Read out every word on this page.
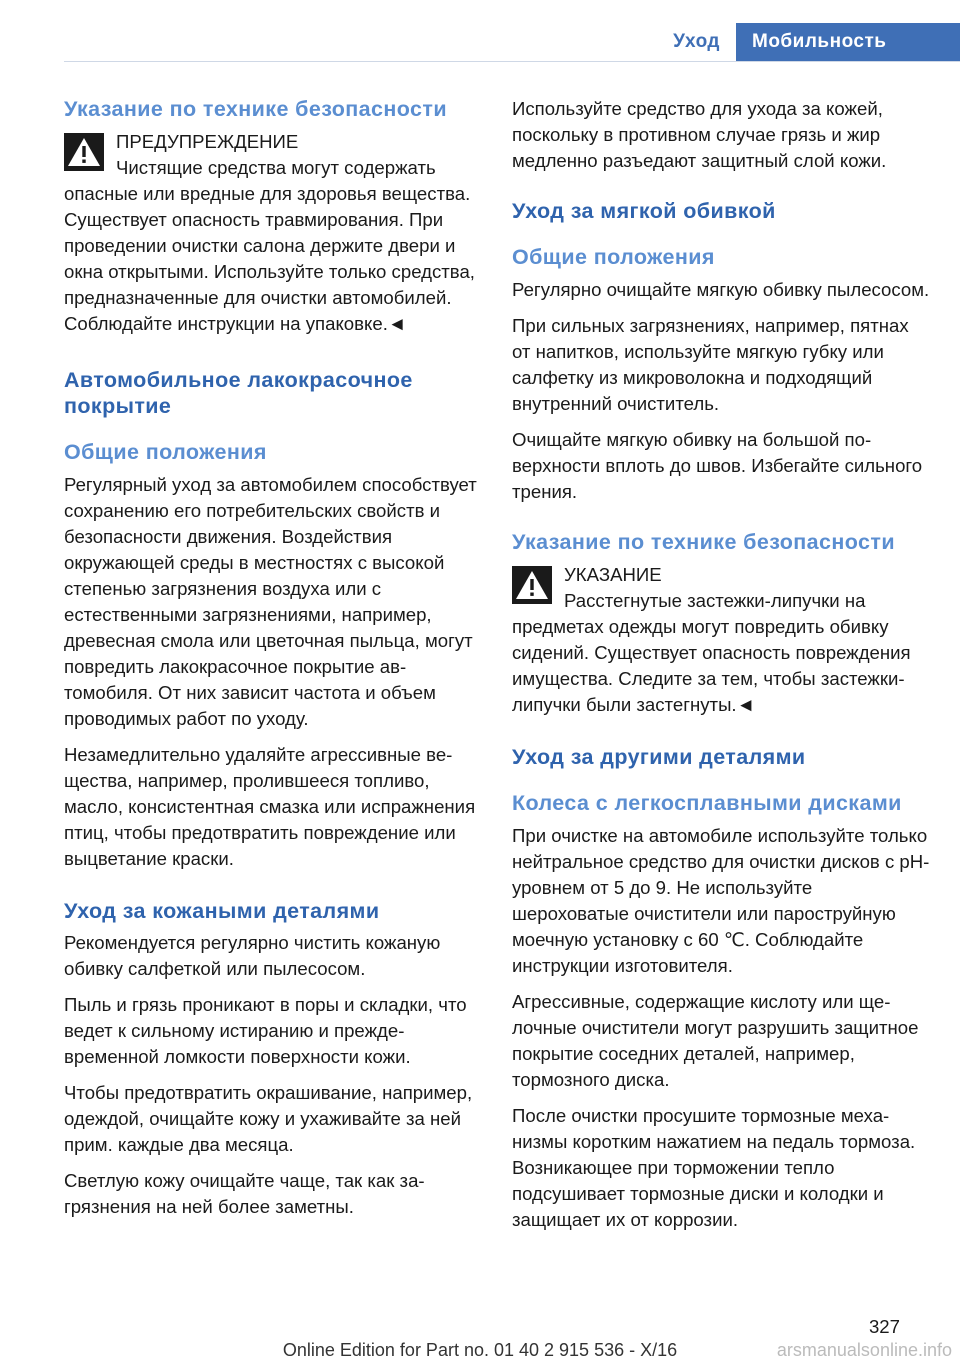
Уход	Мобильность
Указание по технике безопасности

ПРЕДУПРЕЖДЕНИЕ

Чистящие средства могут содержать опасные или вредные для здоровья вещества. Существует опасность травмирования. При проведении очистки салона держите двери и окна открытыми. Используйте только средства, предназначенные для очистки автомобилей. Соблюдайте инструкции на упаковке.◄

Автомобильное лакокрасочное покрытие
Общие положения

Регулярный уход за автомобилем способствует сохранению его потребительских свойств и безопасности движения. Воздействия окружающей среды в местностях с высокой степенью загрязнения воздуха или с естественными загрязнениями, например, древесная смола или цветочная пыльца, могут повредить лакокрасочное покрытие автомобиля. От них зависит частота и объем проводимых работ по уходу.

Незамедлительно удаляйте агрессивные вещества, например, пролившееся топливо, масло, консистентная смазка или испражнения птиц, чтобы предотвратить повреждение или выцветание краски.

Уход за кожаными деталями

Рекомендуется регулярно чистить кожаную обивку салфеткой или пылесосом.

Пыль и грязь проникают в поры и складки, что ведет к сильному истиранию и преждевременной ломкости поверхности кожи.

Чтобы предотвратить окрашивание, например, одеждой, очищайте кожу и ухаживайте за ней прим. каждые два месяца.

Светлую кожу очищайте чаще, так как загрязнения на ней более заметны.

Используйте средство для ухода за кожей, поскольку в противном случае грязь и жир медленно разъедают защитный слой кожи.

Уход за мягкой обивкой
Общие положения

Регулярно очищайте мягкую обивку пылесосом.

При сильных загрязнениях, например, пятнах от напитков, используйте мягкую губку или салфетку из микроволокна и подходящий внутренний очиститель.

Очищайте мягкую обивку на большой поверхности вплоть до швов. Избегайте сильного трения.

Указание по технике безопасности

УКАЗАНИЕ

Расстегнутые застежки-липучки на предметах одежды могут повредить обивку сидений. Существует опасность повреждения имущества. Следите за тем, чтобы застежки-липучки были застегнуты.◄

Уход за другими деталями
Колеса с легкосплавными дисками

При очистке на автомобиле используйте только нейтральное средство для очистки дисков с pH-уровнем от 5 до 9. Не используйте шероховатые очистители или пароструйную моечную установку с 60 ℃. Соблюдайте инструкции изготовителя.

Агрессивные, содержащие кислоту или щелочные очистители могут разрушить защитное покрытие соседних деталей, например, тормозного диска.

После очистки просушите тормозные механизмы коротким нажатием на педаль тормоза. Возникающее при торможении тепло подсушивает тормозные диски и колодки и защищает их от коррозии.

327
Online Edition for Part no. 01 40 2 915 536 - X/16	arsmanualsonline.info
